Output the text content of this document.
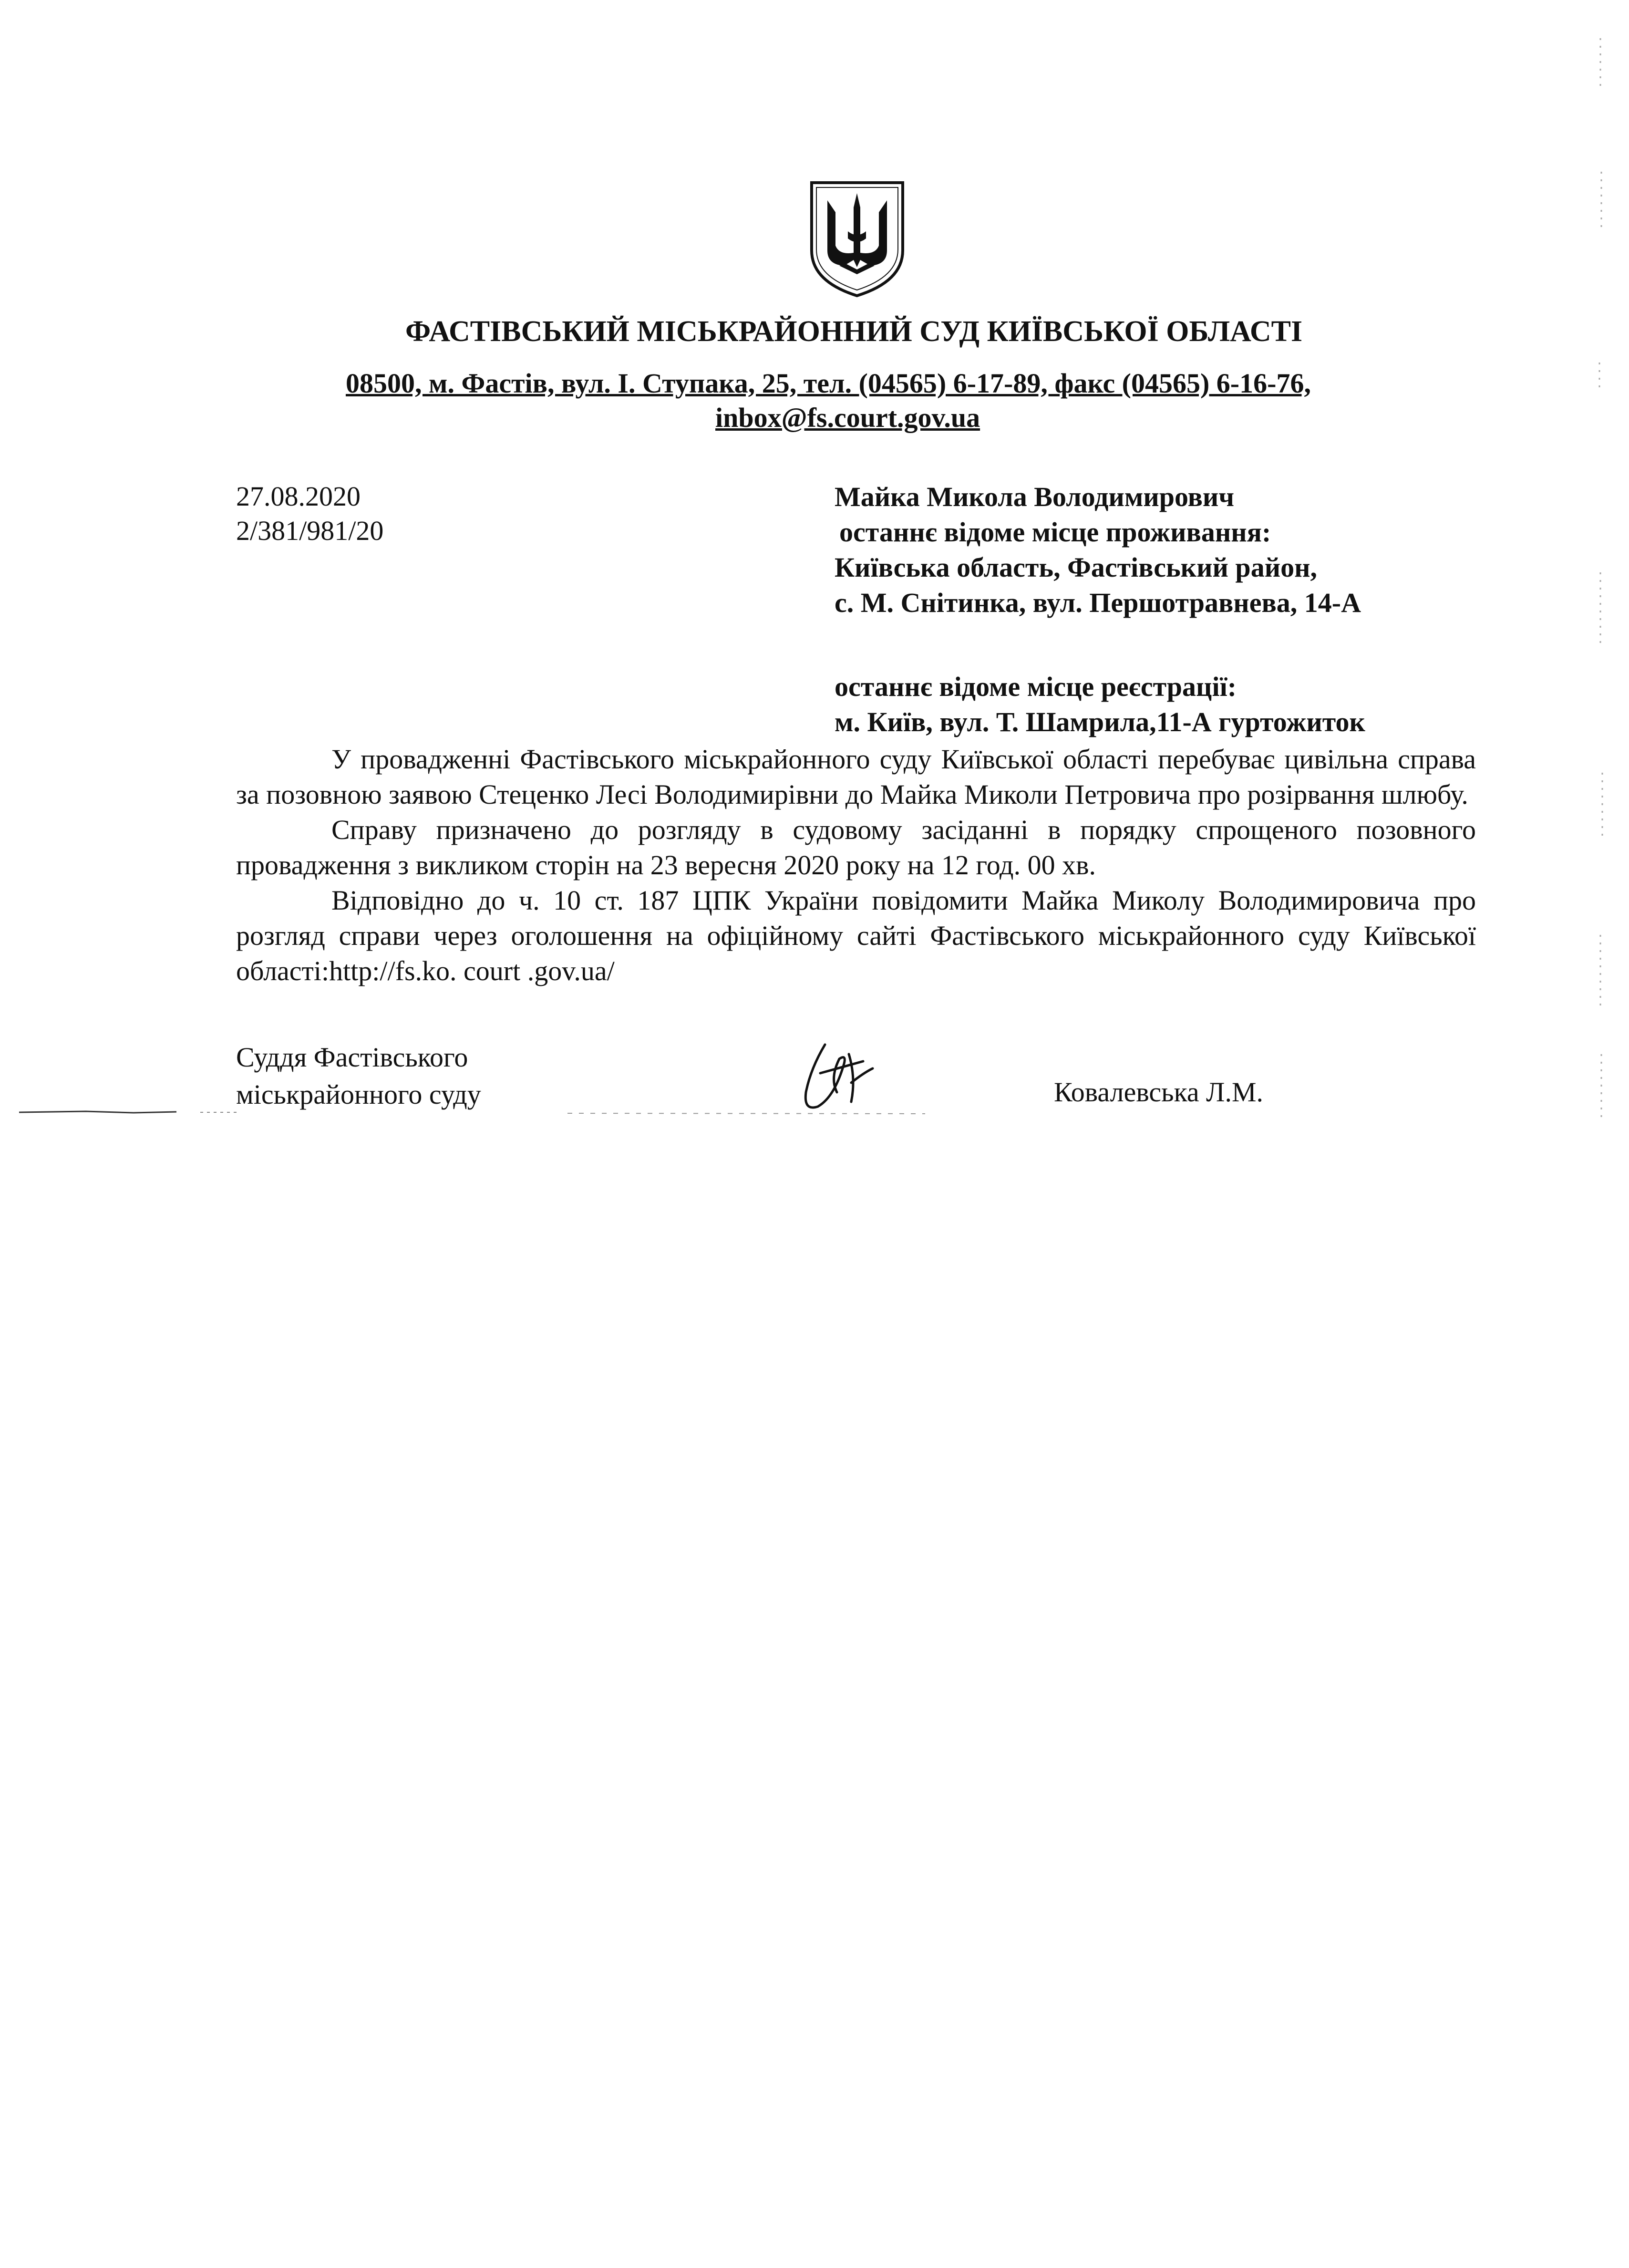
ФАСТІВСЬКИЙ МІСЬКРАЙОННИЙ СУД КИЇВСЬКОЇ ОБЛАСТІ
08500, м. Фастів, вул. І. Ступака, 25, тел. (04565) 6-17-89, факс (04565) 6-16-76,
inbox@fs.court.gov.ua
27.08.2020
2/381/981/20
Майка Микола Володимирович
останнє відоме місце проживання:
Київська область, Фастівський район,
с. М. Снітинка, вул. Першотравнева, 14-А
останнє відоме місце реєстрації:
м. Київ, вул. Т. Шамрила,11-А гуртожиток

У провадженні Фастівського міськрайонного суду Київської області перебуває цивільна справа за позовною заявою Стеценко Лесі Володимирівни до Майка Миколи Петровича про розірвання шлюбу.

Справу призначено до розгляду в судовому засіданні в порядку спрощеного позовного провадження з викликом сторін на 23 вересня 2020 року на 12 год. 00 хв.

Відповідно до ч. 10 ст. 187 ЦПК України повідомити Майка Миколу Володимировича про розгляд справи через оголошення на офіційному сайті Фастівського міськрайонного суду Київської області:http://fs.ko. court .gov.ua/

Суддя Фастівського
міськрайонного суду	Ковалевська Л.М.
